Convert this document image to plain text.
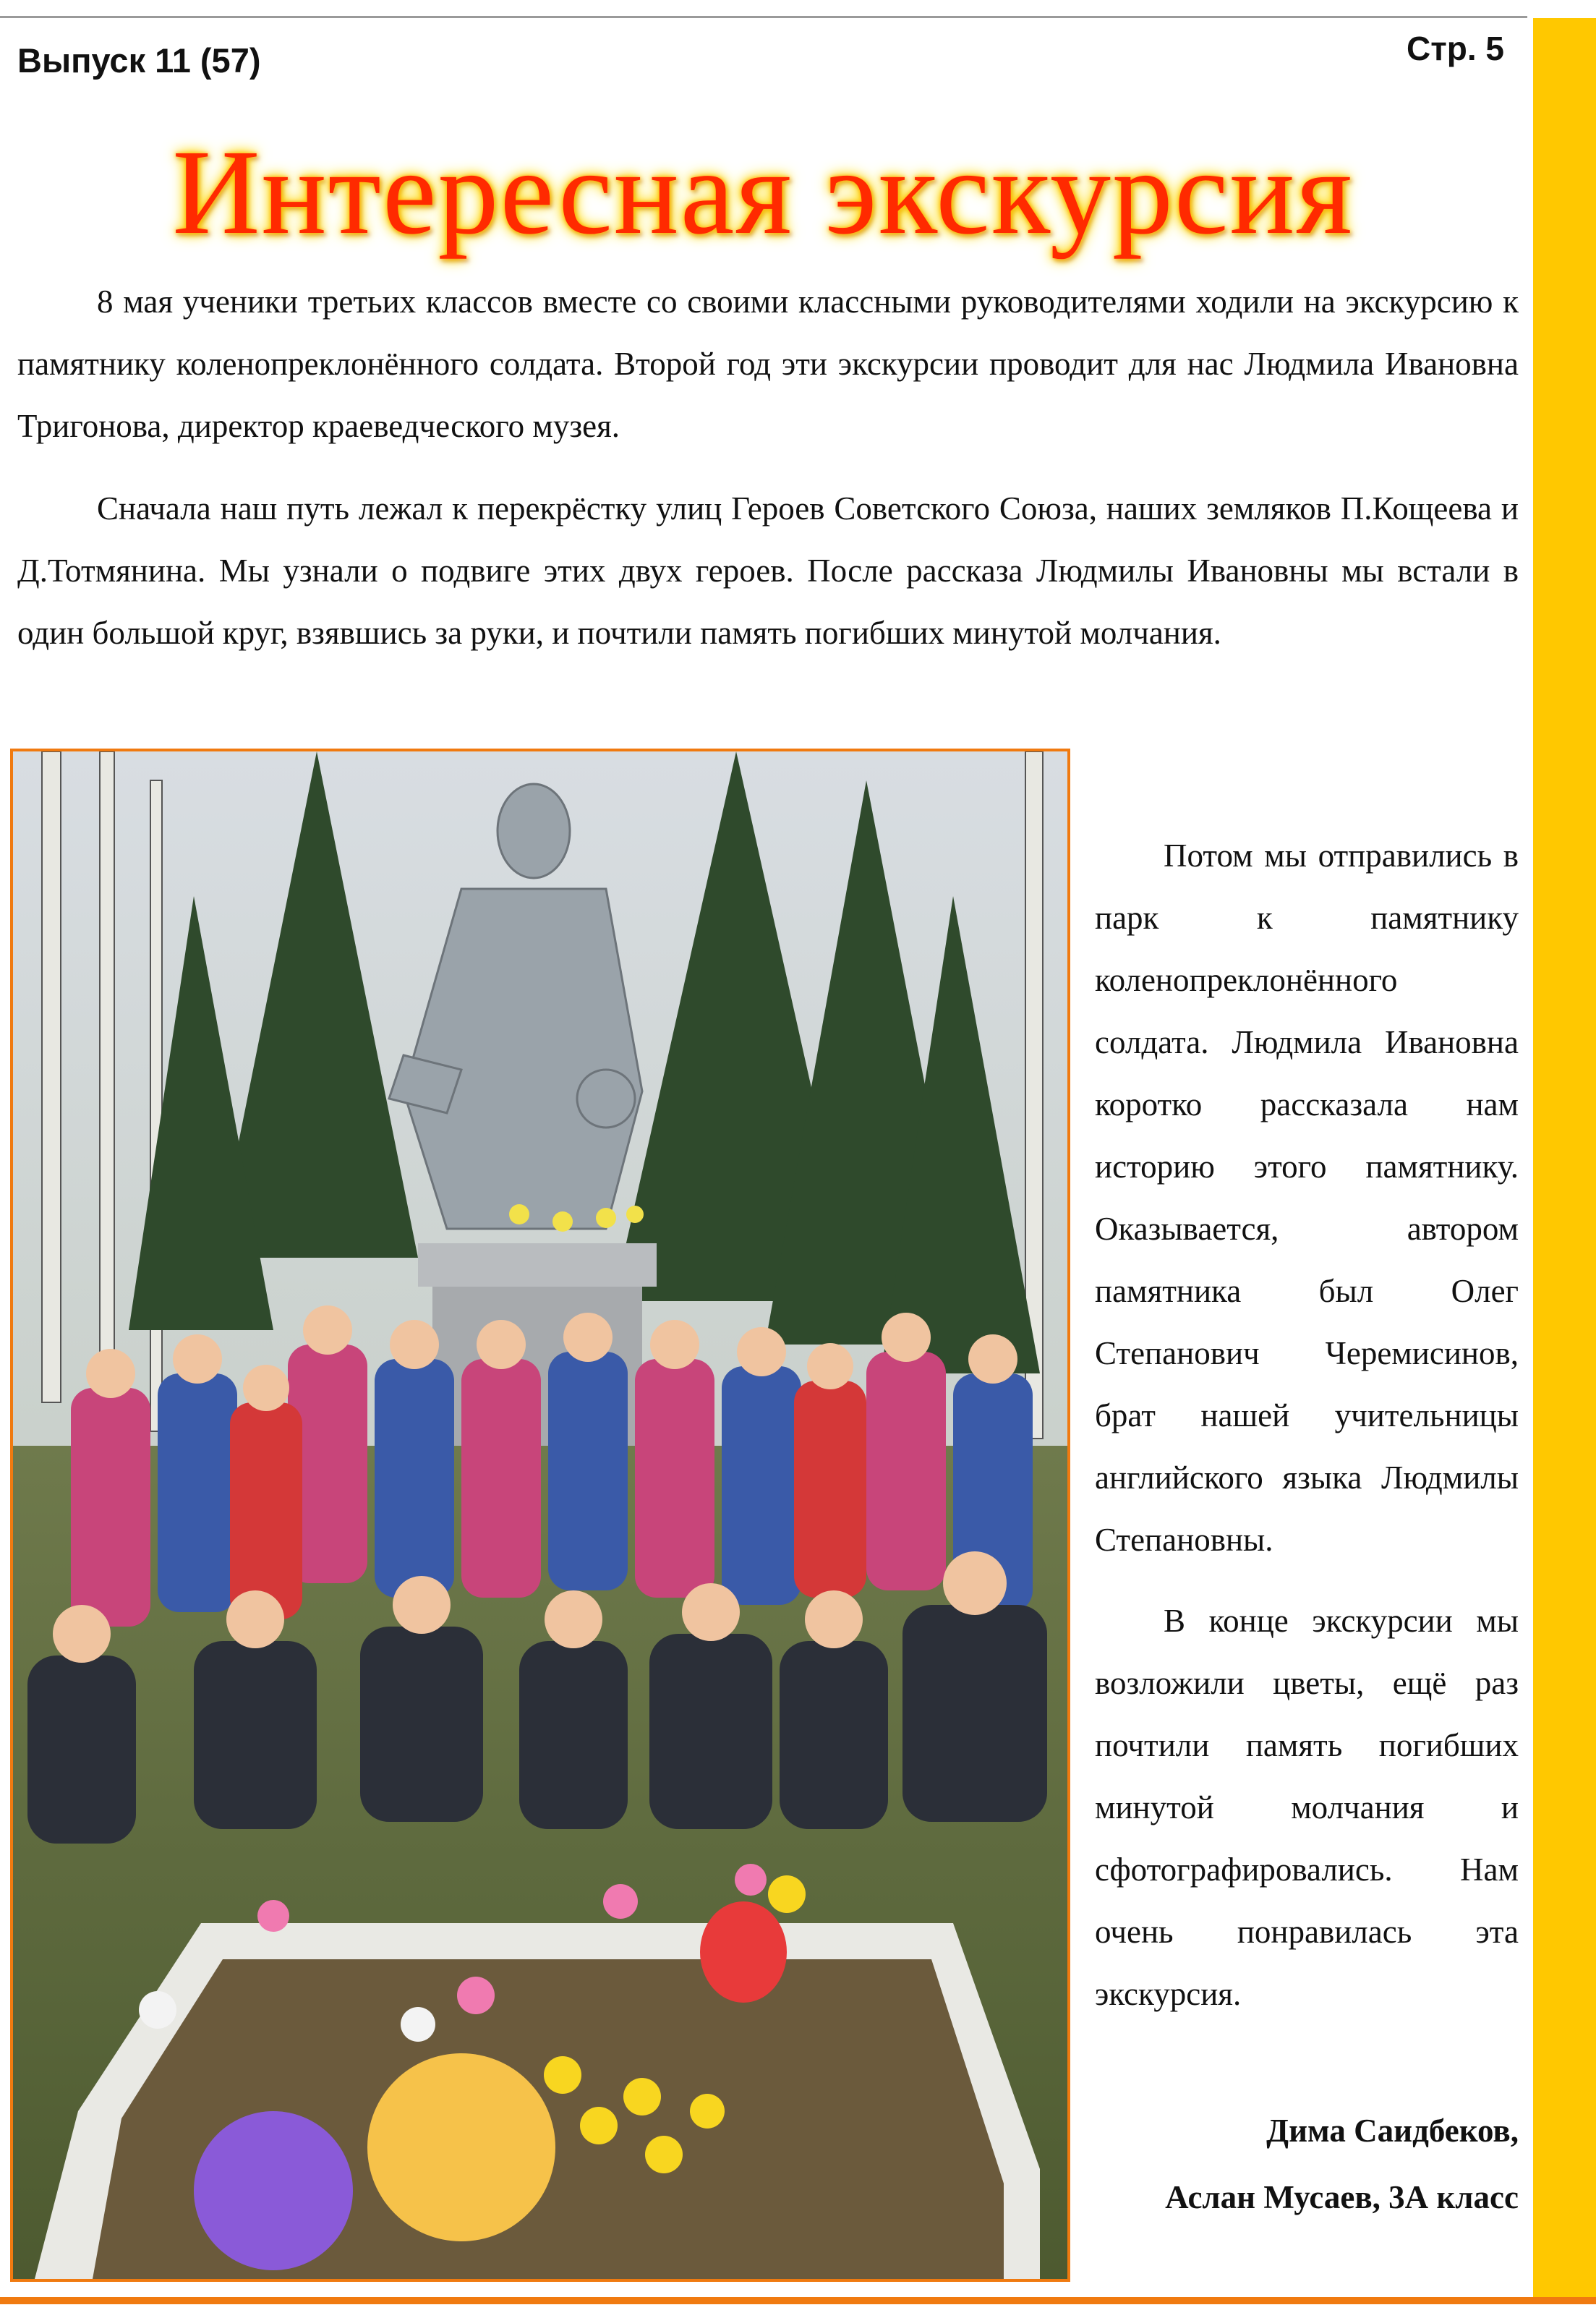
Выпуск 11 (57)	Стр. 5
Интересная экскурсия

8 мая ученики третьих классов вместе со своими классными руководителями ходили на экскурсию к памятнику коленопреклонённого солдата. Второй год эти экскурсии проводит для нас Людмила Ивановна Тригонова, директор краеведческого музея.

Сначала наш путь лежал к перекрёстку улиц Героев Советского Союза, наших земляков П.Кощеева и Д.Тотмянина. Мы узнали о подвиге этих двух героев. После рассказа Людмилы Ивановны мы встали в один большой круг, взявшись за руки, и почтили память погибших минутой молчания.

Потом мы отправились в парк к памятнику коленопреклонённого солдата. Людмила Ивановна коротко рассказала нам историю этого памятнику. Оказывается, автором памятника был Олег Степанович Черемисинов, брат нашей учительницы английского языка Людмилы Степановны.

В конце экскурсии мы возложили цветы, ещё раз почтили память погибших минутой молчания и сфотографировались. Нам очень понравилась эта экскурсия.

Дима Саидбеков,
Аслан Мусаев, 3А класс
